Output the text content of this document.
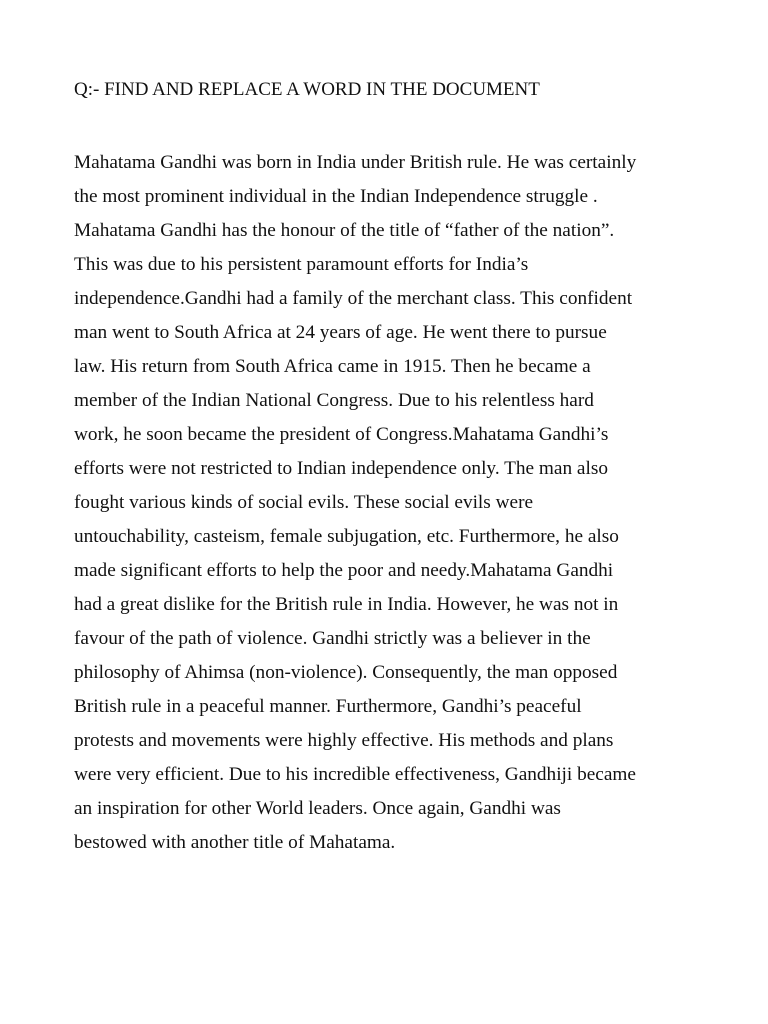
Q:- FIND AND REPLACE A WORD IN THE DOCUMENT
Mahatama Gandhi was born in India under British rule. He was certainly
the most prominent individual in the Indian Independence struggle .
Mahatama Gandhi has the honour of the title of “father of the nation”.
This was due to his persistent paramount efforts for India’s
independence.Gandhi had a family of the merchant class. This confident
man went to South Africa at 24 years of age. He went there to pursue
law. His return from South Africa came in 1915. Then he became a
member of the Indian National Congress. Due to his relentless hard
work, he soon became the president of Congress.Mahatama Gandhi’s
efforts were not restricted to Indian independence only. The man also
fought various kinds of social evils. These social evils were
untouchability, casteism, female subjugation, etc. Furthermore, he also
made significant efforts to help the poor and needy.Mahatama Gandhi
had a great dislike for the British rule in India. However, he was not in
favour of the path of violence. Gandhi strictly was a believer in the
philosophy of Ahimsa (non-violence). Consequently, the man opposed
British rule in a peaceful manner. Furthermore, Gandhi’s peaceful
protests and movements were highly effective. His methods and plans
were very efficient. Due to his incredible effectiveness, Gandhiji became
an inspiration for other World leaders. Once again, Gandhi was
bestowed with another title of Mahatama.
